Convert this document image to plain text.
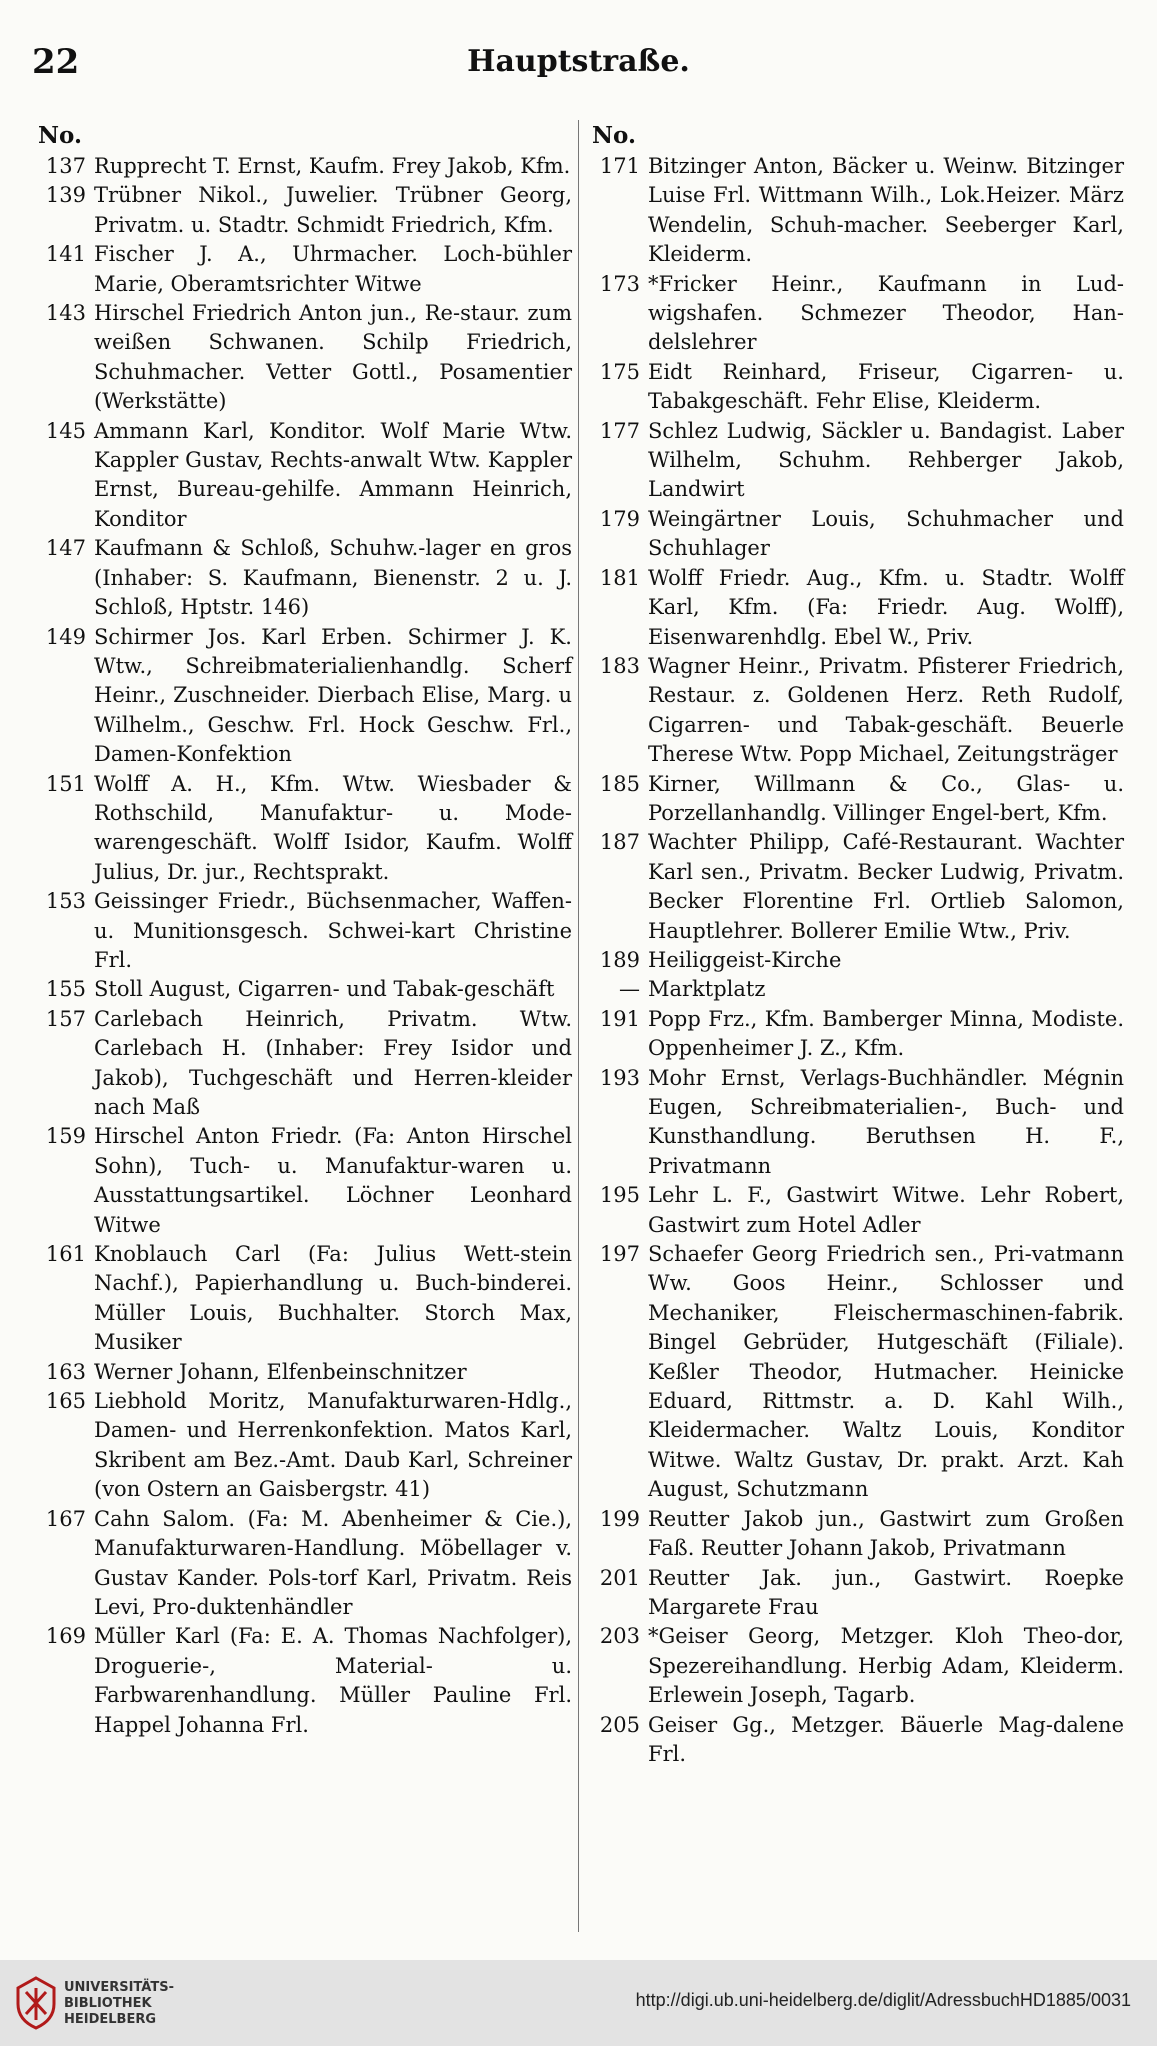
22	Hauptstraße.
No.
137 Rupprecht T. Ernst, Kaufm. Frey Jakob, Kfm.
139 Trübner Nikol., Juwelier. Trübner Georg, Privatm. u. Stadtr. Schmidt Friedrich, Kfm.
141 Fischer J. A., Uhrmacher. Loch-bühler Marie, Oberamtsrichter Witwe
143 Hirschel Friedrich Anton jun., Re-staur. zum weißen Schwanen. Schilp Friedrich, Schuhmacher. Vetter Gottl., Posamentier (Werkstätte)
145 Ammann Karl, Konditor. Wolf Marie Wtw. Kappler Gustav, Rechts-anwalt Wtw. Kappler Ernst, Bureau-gehilfe. Ammann Heinrich, Konditor
147 Kaufmann & Schloß, Schuhw.-lager en gros (Inhaber: S. Kaufmann, Bienenstr. 2 u. J. Schloß, Hptstr. 146)
149 Schirmer Jos. Karl Erben. Schirmer J. K. Wtw., Schreibmaterialienhandlg. Scherf Heinr., Zuschneider. Dierbach Elise, Marg. u Wilhelm., Geschw. Frl. Hock Geschw. Frl., Damen-Konfektion
151 Wolff A. H., Kfm. Wtw. Wiesbader & Rothschild, Manufaktur- u. Mode-warengeschäft. Wolff Isidor, Kaufm. Wolff Julius, Dr. jur., Rechtsprakt.
153 Geissinger Friedr., Büchsenmacher, Waffen- u. Munitionsgesch. Schwei-kart Christine Frl.
155 Stoll August, Cigarren- und Tabak-geschäft
157 Carlebach Heinrich, Privatm. Wtw. Carlebach H. (Inhaber: Frey Isidor und Jakob), Tuchgeschäft und Herren-kleider nach Maß
159 Hirschel Anton Friedr. (Fa: Anton Hirschel Sohn), Tuch- u. Manufaktur-waren u. Ausstattungsartikel. Löchner Leonhard Witwe
161 Knoblauch Carl (Fa: Julius Wett-stein Nachf.), Papierhandlung u. Buch-binderei. Müller Louis, Buchhalter. Storch Max, Musiker
163 Werner Johann, Elfenbeinschnitzer
165 Liebhold Moritz, Manufakturwaren-Hdlg., Damen- und Herrenkonfektion. Matos Karl, Skribent am Bez.-Amt. Daub Karl, Schreiner (von Ostern an Gaisbergstr. 41)
167 Cahn Salom. (Fa: M. Abenheimer & Cie.), Manufakturwaren-Handlung. Möbellager v. Gustav Kander. Pols-torf Karl, Privatm. Reis Levi, Pro-duktenhändler
169 Müller Karl (Fa: E. A. Thomas Nachfolger), Droguerie-, Material- u. Farbwarenhandlung. Müller Pauline Frl. Happel Johanna Frl.
No.
171 Bitzinger Anton, Bäcker u. Weinw. Bitzinger Luise Frl. Wittmann Wilh., Lok.Heizer. März Wendelin, Schuh-macher. Seeberger Karl, Kleiderm.
173 *Fricker Heinr., Kaufmann in Lud-wigshafen. Schmezer Theodor, Han-delslehrer
175 Eidt Reinhard, Friseur, Cigarren- u. Tabakgeschäft. Fehr Elise, Kleiderm.
177 Schlez Ludwig, Säckler u. Bandagist. Laber Wilhelm, Schuhm. Rehberger Jakob, Landwirt
179 Weingärtner Louis, Schuhmacher und Schuhlager
181 Wolff Friedr. Aug., Kfm. u. Stadtr. Wolff Karl, Kfm. (Fa: Friedr. Aug. Wolff), Eisenwarenhdlg. Ebel W., Priv.
183 Wagner Heinr., Privatm. Pfisterer Friedrich, Restaur. z. Goldenen Herz. Reth Rudolf, Cigarren- und Tabak-geschäft. Beuerle Therese Wtw. Popp Michael, Zeitungsträger
185 Kirner, Willmann & Co., Glas- u. Porzellanhandlg. Villinger Engel-bert, Kfm.
187 Wachter Philipp, Café-Restaurant. Wachter Karl sen., Privatm. Becker Ludwig, Privatm. Becker Florentine Frl. Ortlieb Salomon, Hauptlehrer. Bollerer Emilie Wtw., Priv.
189 Heiliggeist-Kirche
— Marktplatz
191 Popp Frz., Kfm. Bamberger Minna, Modiste. Oppenheimer J. Z., Kfm.
193 Mohr Ernst, Verlags-Buchhändler. Mégnin Eugen, Schreibmaterialien-, Buch- und Kunsthandlung. Beruthsen H. F., Privatmann
195 Lehr L. F., Gastwirt Witwe. Lehr Robert, Gastwirt zum Hotel Adler
197 Schaefer Georg Friedrich sen., Pri-vatmann Ww. Goos Heinr., Schlosser und Mechaniker, Fleischermaschinen-fabrik. Bingel Gebrüder, Hutgeschäft (Filiale). Keßler Theodor, Hutmacher. Heinicke Eduard, Rittmstr. a. D. Kahl Wilh., Kleidermacher. Waltz Louis, Konditor Witwe. Waltz Gustav, Dr. prakt. Arzt. Kah August, Schutzmann
199 Reutter Jakob jun., Gastwirt zum Großen Faß. Reutter Johann Jakob, Privatmann
201 Reutter Jak. jun., Gastwirt. Roepke Margarete Frau
203 *Geiser Georg, Metzger. Kloh Theo-dor, Spezereihandlung. Herbig Adam, Kleiderm. Erlewein Joseph, Tagarb.
205 Geiser Gg., Metzger. Bäuerle Mag-dalene Frl.
UNIVERSITÄTS-
BIBLIOTHEK
HEIDELBERG
http://digi.ub.uni-heidelberg.de/diglit/AdressbuchHD1885/0031
